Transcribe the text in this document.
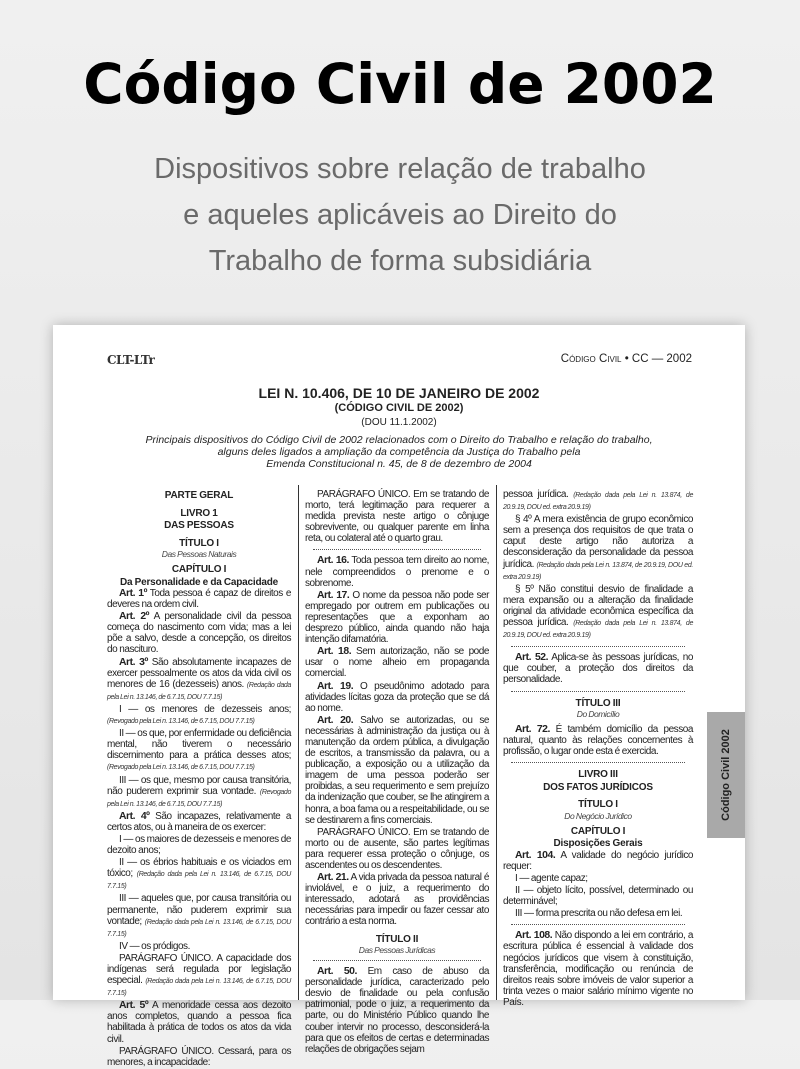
Código Civil de 2002
Dispositivos sobre relação de trabalho
e aqueles aplicáveis ao Direito do
Trabalho de forma subsidiária
CLT-LTr	Código Civil • CC — 2002
LEI N. 10.406, DE 10 DE JANEIRO DE 2002
(CÓDIGO CIVIL DE 2002)
(DOU 11.1.2002)
Principais dispositivos do Código Civil de 2002 relacionados com o Direito do Trabalho e relação do trabalho,
alguns deles ligados a ampliação da competência da Justiça do Trabalho pela
Emenda Constitucional n. 45, de 8 de dezembro de 2004
PARTE GERAL
LIVRO 1
DAS PESSOAS
TÍTULO I
Das Pessoas Naturais
CAPÍTULO I
Da Personalidade e da Capacidade
Art. 1º Toda pessoa é capaz de direitos e deveres na ordem civil.
Art. 2º A personalidade civil da pessoa começa do nascimento com vida; mas a lei põe a salvo, desde a concepção, os direitos do nascituro.
Art. 3º São absolutamente incapazes de exercer pessoalmente os atos da vida civil os menores de 16 (dezesseis) anos. (Redação dada pela Lei n. 13.146, de 6.7.15, DOU 7.7.15)
I — os menores de dezesseis anos; (Revogado pela Lei n. 13.146, de 6.7.15, DOU 7.7.15)
II — os que, por enfermidade ou deficiência mental, não tiverem o necessário discernimento para a prática desses atos; (Revogado pela Lei n. 13.146, de 6.7.15, DOU 7.7.15)
III — os que, mesmo por causa transitória, não puderem exprimir sua vontade. (Revogado pela Lei n. 13.146, de 6.7.15, DOU 7.7.15)
Art. 4º São incapazes, relativamente a certos atos, ou à maneira de os exercer:
I — os maiores de dezesseis e menores de dezoito anos;
II — os ébrios habituais e os viciados em tóxico; (Redação dada pela Lei n. 13.146, de 6.7.15, DOU 7.7.15)
III — aqueles que, por causa transitória ou permanente, não puderem exprimir sua vontade; (Redação dada pela Lei n. 13.146, de 6.7.15, DOU 7.7.15)
IV — os pródigos.
PARÁGRAFO ÚNICO. A capacidade dos indígenas será regulada por legislação especial. (Redação dada pela Lei n. 13.146, de 6.7.15, DOU 7.7.15)
Art. 5º A menoridade cessa aos dezoito anos completos, quando a pessoa fica habilitada à prática de todos os atos da vida civil.
PARÁGRAFO ÚNICO. Cessará, para os menores, a incapacidade:
PARÁGRAFO ÚNICO. Em se tratando de morto, terá legitimação para requerer a medida prevista neste artigo o cônjuge sobrevivente, ou qualquer parente em linha reta, ou colateral até o quarto grau.
Art. 16. Toda pessoa tem direito ao nome, nele compreendidos o prenome e o sobrenome.
Art. 17. O nome da pessoa não pode ser empregado por outrem em publicações ou representações que a exponham ao desprezo público, ainda quando não haja intenção difamatória.
Art. 18. Sem autorização, não se pode usar o nome alheio em propaganda comercial.
Art. 19. O pseudônimo adotado para atividades lícitas goza da proteção que se dá ao nome.
Art. 20. Salvo se autorizadas, ou se necessárias à administração da justiça ou à manutenção da ordem pública, a divulgação de escritos, a transmissão da palavra, ou a publicação, a exposição ou a utilização da imagem de uma pessoa poderão ser proibidas, a seu requerimento e sem prejuízo da indenização que couber, se lhe atingirem a honra, a boa fama ou a respeitabilidade, ou se se destinarem a fins comerciais.
PARÁGRAFO ÚNICO. Em se tratando de morto ou de ausente, são partes legítimas para requerer essa proteção o cônjuge, os ascendentes ou os descendentes.
Art. 21. A vida privada da pessoa natural é inviolável, e o juiz, a requerimento do interessado, adotará as providências necessárias para impedir ou fazer cessar ato contrário a esta norma.
TÍTULO II
Das Pessoas Jurídicas
Art. 50. Em caso de abuso da personalidade jurídica, caracterizado pelo desvio de finalidade ou pela confusão patrimonial, pode o juiz, a requerimento da parte, ou do Ministério Público quando lhe couber intervir no processo, desconsiderá-la para que os efeitos de certas e determinadas relações de obrigações sejam
pessoa jurídica. (Redação dada pela Lei n. 13.874, de 20.9.19, DOU ed. extra 20.9.19)
§ 4º A mera existência de grupo econômico sem a presença dos requisitos de que trata o caput deste artigo não autoriza a desconsideração da personalidade da pessoa jurídica. (Redação dada pela Lei n. 13.874, de 20.9.19, DOU ed. extra 20.9.19)
§ 5º Não constitui desvio de finalidade a mera expansão ou a alteração da finalidade original da atividade econômica específica da pessoa jurídica. (Redação dada pela Lei n. 13.874, de 20.9.19, DOU ed. extra 20.9.19)
Art. 52. Aplica-se às pessoas jurídicas, no que couber, a proteção dos direitos da personalidade.
TÍTULO III
Do Domicílio
Art. 72. É também domicílio da pessoa natural, quanto às relações concernentes à profissão, o lugar onde esta é exercida.
LIVRO III
DOS FATOS JURÍDICOS
TÍTULO I
Do Negócio Jurídico
CAPÍTULO I
Disposições Gerais
Art. 104. A validade do negócio jurídico requer:
I — agente capaz;
II — objeto lícito, possível, determinado ou determinável;
III — forma prescrita ou não defesa em lei.
Art. 108. Não dispondo a lei em contrário, a escritura pública é essencial à validade dos negócios jurídicos que visem à constituição, transferência, modificação ou renúncia de direitos reais sobre imóveis de valor superior a trinta vezes o maior salário mínimo vigente no País.
Código Civil 2002
